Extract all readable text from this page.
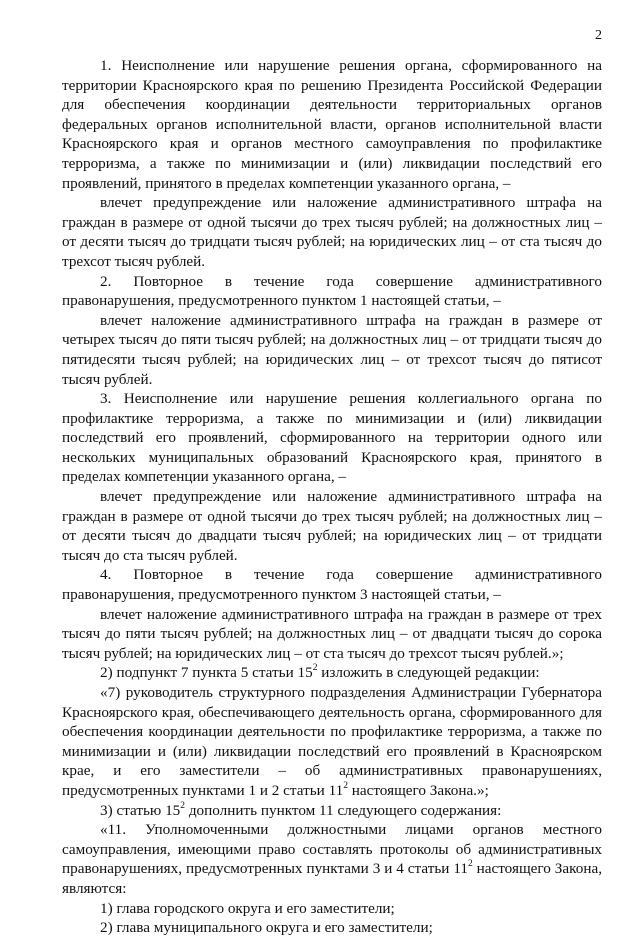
2

1. Неисполнение или нарушение решения органа, сформированного на территории Красноярского края по решению Президента Российской Федерации для обеспечения координации деятельности территориальных органов федеральных органов исполнительной власти, органов исполнительной власти Красноярского края и органов местного самоуправления по профилактике терроризма, а также по минимизации и (или) ликвидации последствий его проявлений, принятого в пределах компетенции указанного органа, –

влечет предупреждение или наложение административного штрафа на граждан в размере от одной тысячи до трех тысяч рублей; на должностных лиц – от десяти тысяч до тридцати тысяч рублей; на юридических лиц – от ста тысяч до трехсот тысяч рублей.

2. Повторное в течение года совершение административного правонарушения, предусмотренного пунктом 1 настоящей статьи, –

влечет наложение административного штрафа на граждан в размере от четырех тысяч до пяти тысяч рублей; на должностных лиц – от тридцати тысяч до пятидесяти тысяч рублей; на юридических лиц – от трехсот тысяч до пятисот тысяч рублей.

3. Неисполнение или нарушение решения коллегиального органа по профилактике терроризма, а также по минимизации и (или) ликвидации последствий его проявлений, сформированного на территории одного или нескольких муниципальных образований Красноярского края, принятого в пределах компетенции указанного органа, –

влечет предупреждение или наложение административного штрафа на граждан в размере от одной тысячи до трех тысяч рублей; на должностных лиц – от десяти тысяч до двадцати тысяч рублей; на юридических лиц – от тридцати тысяч до ста тысяч рублей.

4. Повторное в течение года совершение административного правонарушения, предусмотренного пунктом 3 настоящей статьи, –

влечет наложение административного штрафа на граждан в размере от трех тысяч до пяти тысяч рублей; на должностных лиц – от двадцати тысяч до сорока тысяч рублей; на юридических лиц – от ста тысяч до трехсот тысяч рублей.»;

2) подпункт 7 пункта 5 статьи $15^2$ изложить в следующей редакции:

«7) руководитель структурного подразделения Администрации Губернатора Красноярского края, обеспечивающего деятельность органа, сформированного для обеспечения координации деятельности по профилактике терроризма, а также по минимизации и (или) ликвидации последствий его проявлений в Красноярском крае, и его заместители – об административных правонарушениях, предусмотренных пунктами 1 и 2 статьи $11^2$ настоящего Закона.»;

3) статью $15^2$ дополнить пунктом 11 следующего содержания:

«11. Уполномоченными должностными лицами органов местного самоуправления, имеющими право составлять протоколы об административных правонарушениях, предусмотренных пунктами 3 и 4 статьи $11^2$ настоящего Закона, являются:

1) глава городского округа и его заместители;

2) глава муниципального округа и его заместители;
